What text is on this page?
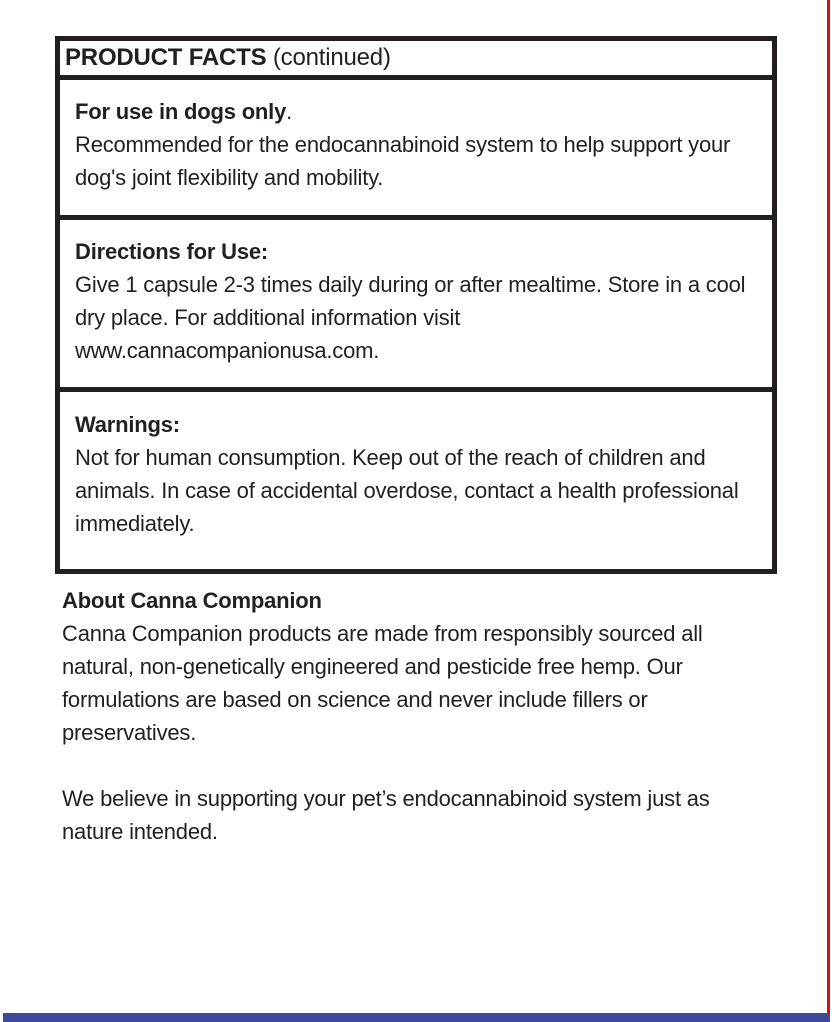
PRODUCT FACTS (continued)
For use in dogs only.
Recommended for the endocannabinoid system to help support your dog's joint flexibility and mobility.
Directions for Use:
Give 1 capsule 2-3 times daily during or after mealtime. Store in a cool dry place. For additional information visit www.cannacompanionusa.com.
Warnings:
Not for human consumption. Keep out of the reach of children and animals. In case of accidental overdose, contact a health professional immediately.
About Canna Companion

Canna Companion products are made from responsibly sourced all natural, non-genetically engineered and pesticide free hemp. Our formulations are based on science and never include fillers or preservatives.

We believe in supporting your pet’s endocannabinoid system just as nature intended.
